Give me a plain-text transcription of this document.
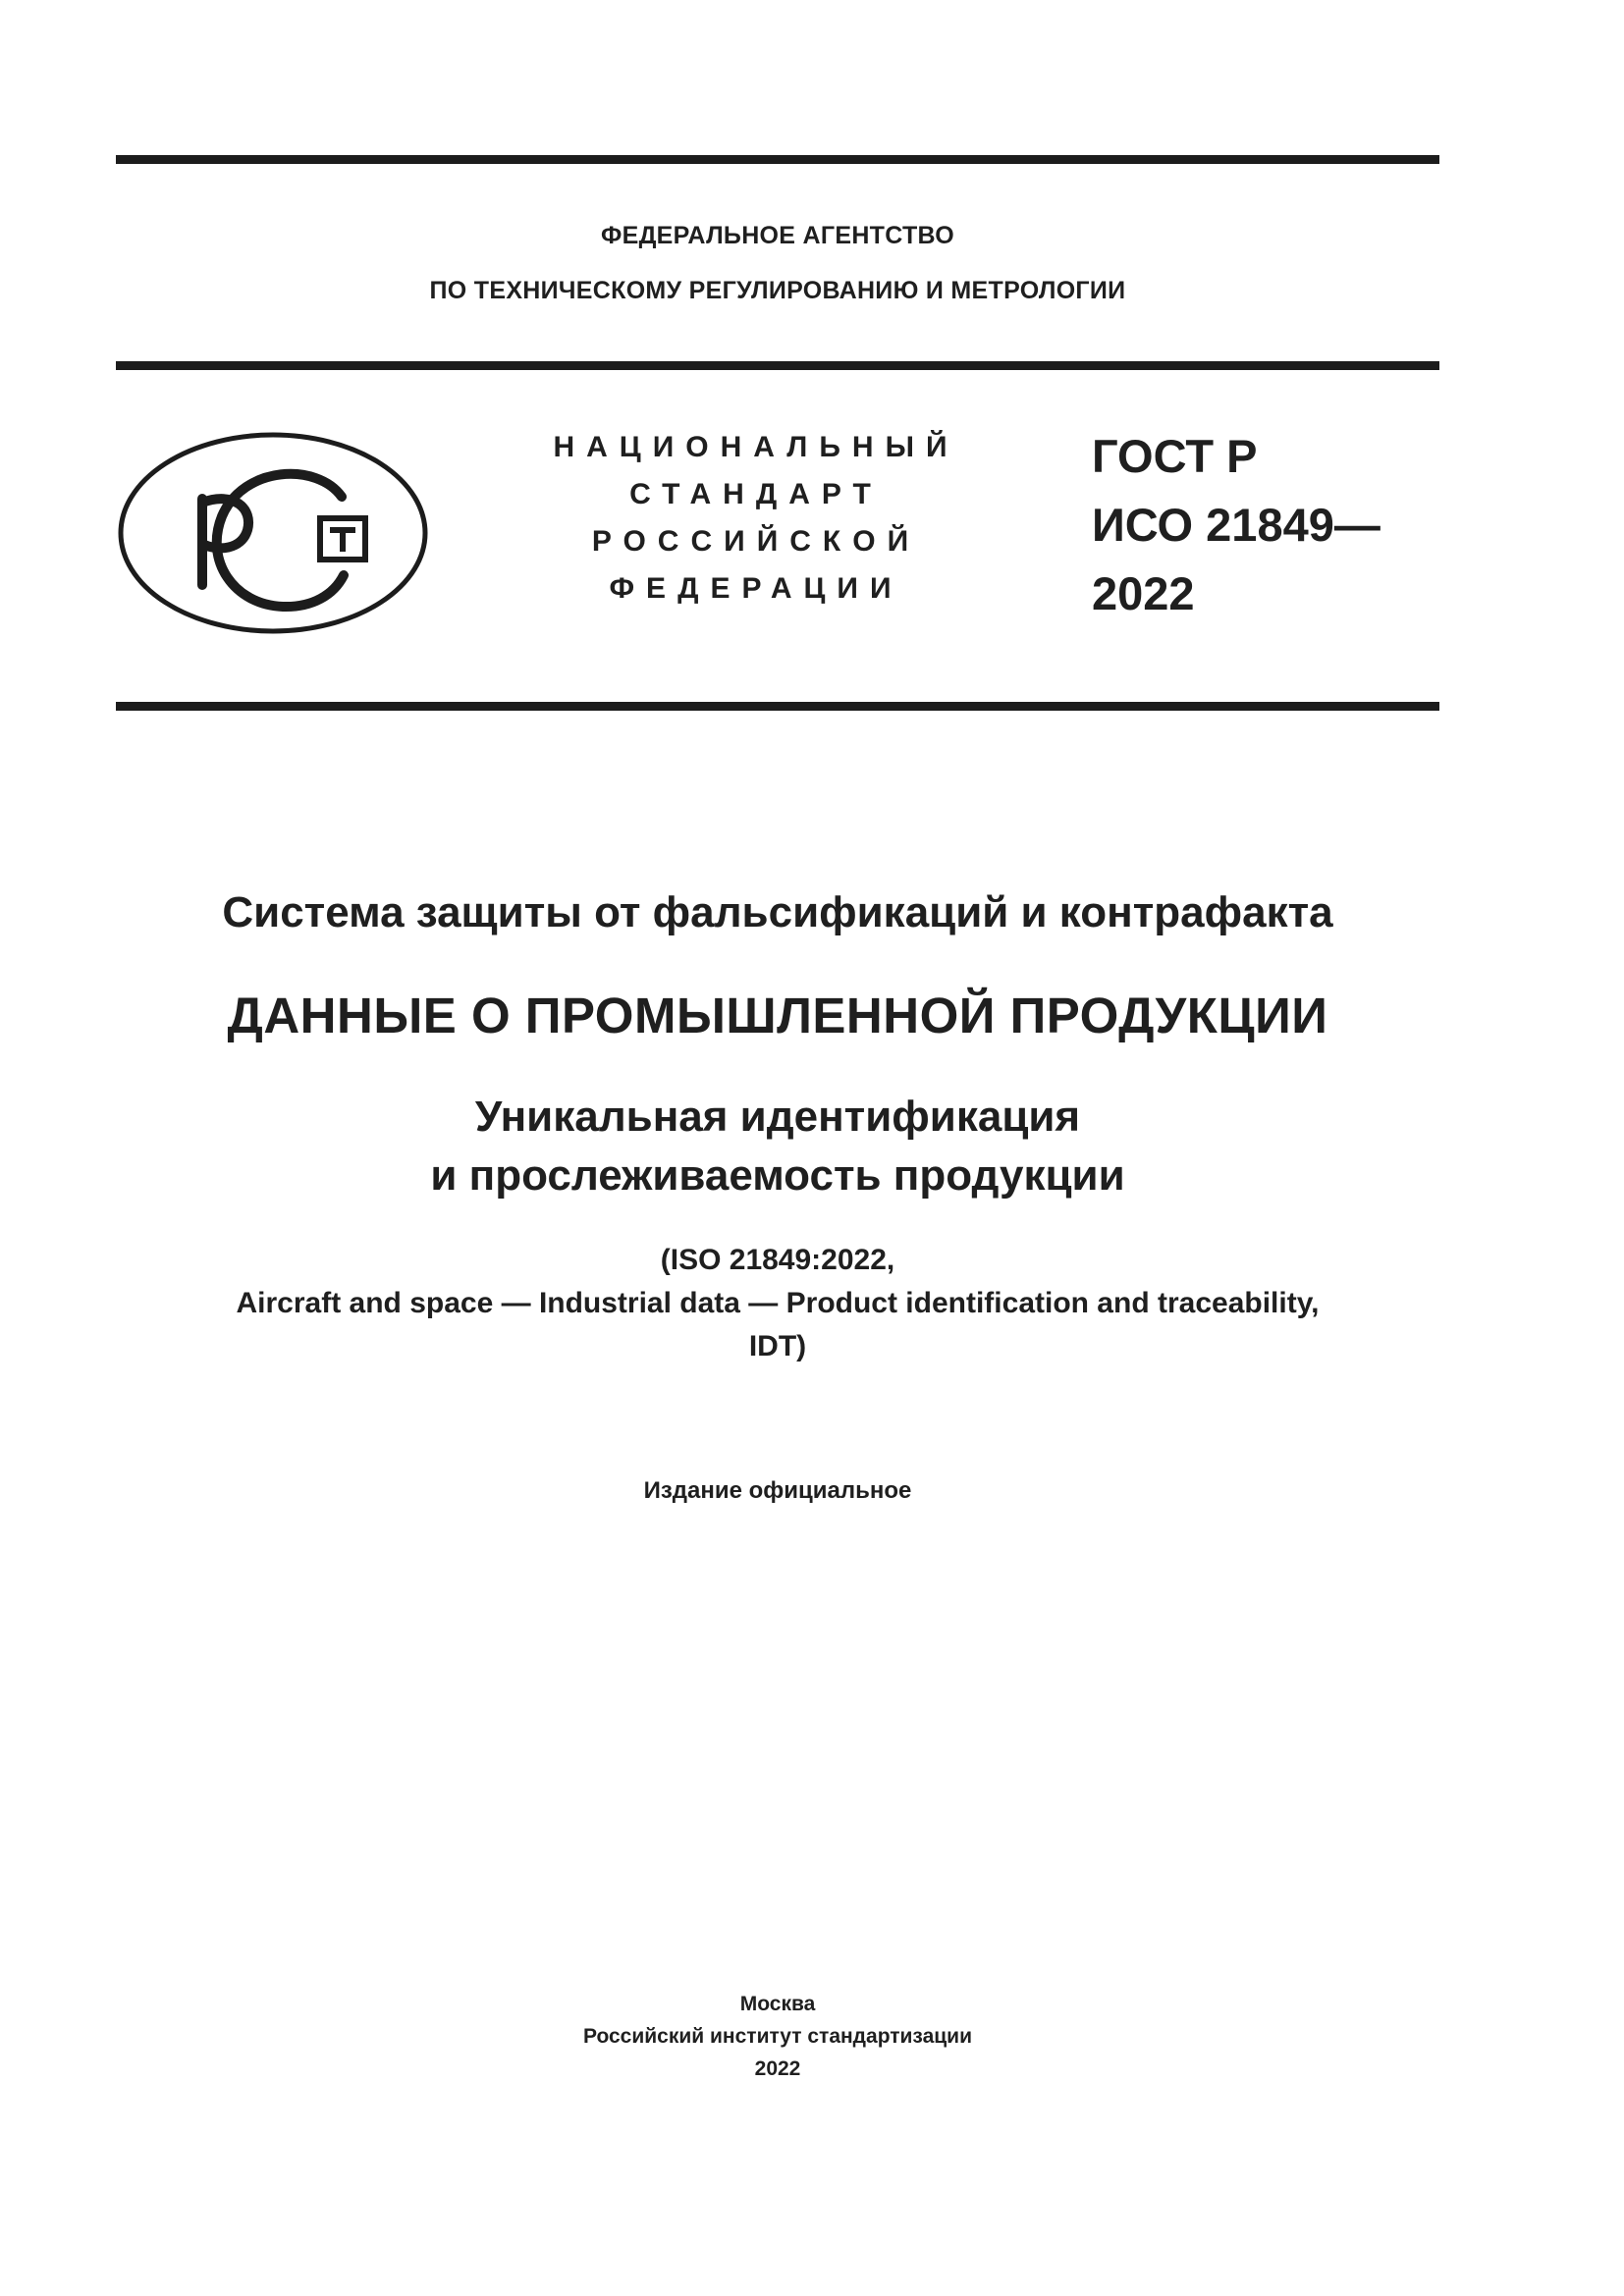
ФЕДЕРАЛЬНОЕ АГЕНТСТВО
ПО ТЕХНИЧЕСКОМУ РЕГУЛИРОВАНИЮ И МЕТРОЛОГИИ
НАЦИОНАЛЬНЫЙ
СТАНДАРТ
РОССИЙСКОЙ
ФЕДЕРАЦИИ
ГОСТ Р
ИСО 21849—
2022
Система защиты от фальсификаций и контрафакта
ДАННЫЕ О ПРОМЫШЛЕННОЙ ПРОДУКЦИИ
Уникальная идентификация
и прослеживаемость продукции
(ISO 21849:2022,
Aircraft and space — Industrial data — Product identification and traceability,
IDT)
Издание официальное
Москва
Российский институт стандартизации
2022
